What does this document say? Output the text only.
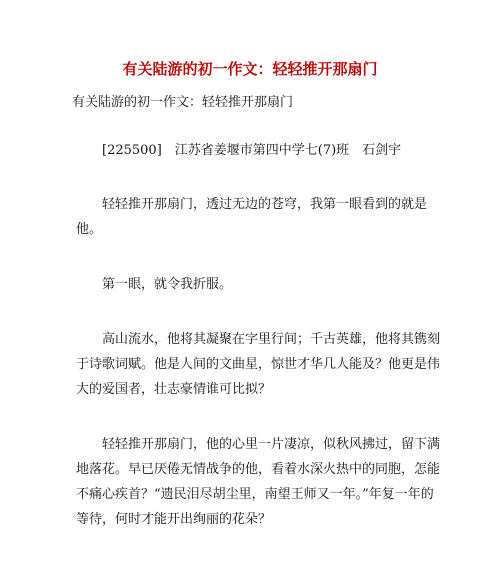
有关陆游的初一作文：轻轻推开那扇门

有关陆游的初一作文：轻轻推开那扇门

[225500]　江苏省姜堰市第四中学七(7)班　石剑宇

轻轻推开那扇门，透过无边的苍穹，我第一眼看到的就是他。

第一眼，就令我折服。

高山流水，他将其凝聚在字里行间；千古英雄，他将其镌刻于诗歌词赋。他是人间的文曲星，惊世才华几人能及？他更是伟大的爱国者，壮志豪情谁可比拟？

轻轻推开那扇门，他的心里一片凄凉，似秋风拂过，留下满地落花。早已厌倦无情战争的他，看着水深火热中的同胞，怎能不痛心疾首？“遗民泪尽胡尘里，南望王师又一年。”年复一年的等待，何时才能开出绚丽的花朵？
